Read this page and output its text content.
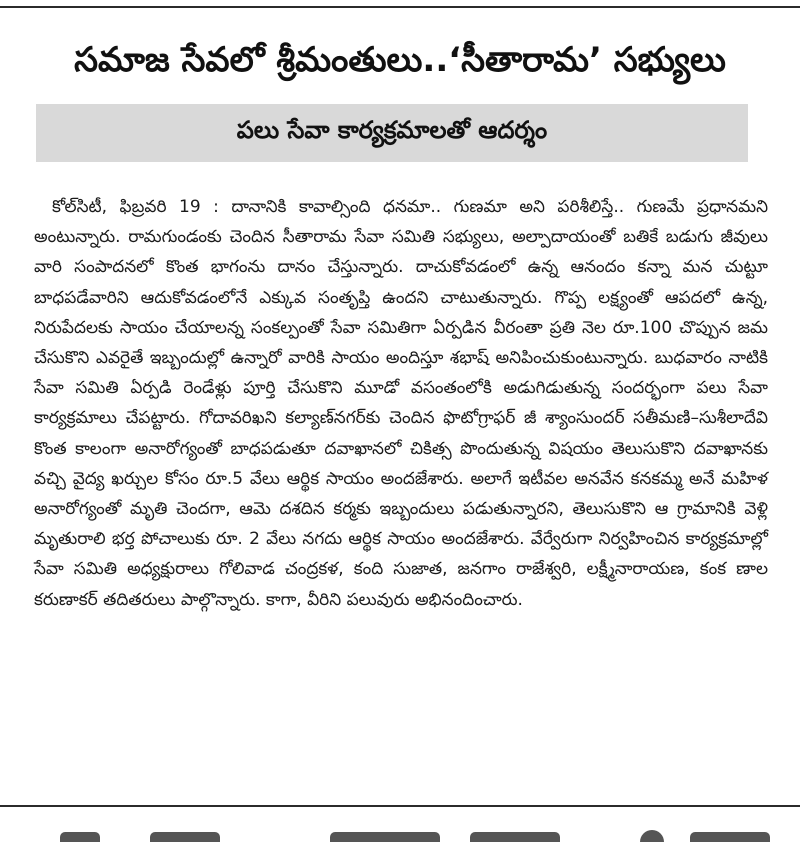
సమాజ సేవలో శ్రీమంతులు..‘సీతారామ’ సభ్యులు
పలు సేవా కార్యక్రమాలతో ఆదర్శం

కోల్‌సిటీ, ఫిబ్రవరి 19 : దానానికి కావాల్సింది ధనమా.. గుణమా అని పరిశీలిస్తే.. గుణమే ప్రధానమని అంటున్నారు. రామగుండంకు చెందిన సీతారామ సేవా సమితి సభ్యులు, అల్పాదాయంతో బతికే బడుగు జీవులు వారి సంపాదనలో కొంత భాగంను దానం చేస్తున్నారు. దాచుకోవడంలో ఉన్న ఆనందం కన్నా మన చుట్టూ బాధపడేవారిని ఆదుకోవడంలోనే ఎక్కువ సంతృప్తి ఉందని చాటుతున్నారు. గొప్ప లక్ష్యంతో ఆపదలో ఉన్న, నిరుపేదలకు సాయం చేయాలన్న సంకల్పంతో సేవా సమితిగా ఏర్పడిన వీరంతా ప్రతి నెల రూ.100 చొప్పున జమ చేసుకొని ఎవరైతే ఇబ్బందుల్లో ఉన్నారో వారికి సాయం అందిస్తూ శభాష్ అనిపించుకుంటున్నారు. బుధవారం నాటికి సేవా సమితి ఏర్పడి రెండేళ్లు పూర్తి చేసుకొని మూడో వసంతంలోకి అడుగిడుతున్న సందర్భంగా పలు సేవా కార్యక్రమాలు చేపట్టారు. గోదావరిఖని కల్యాణ్‌నగర్‌కు చెందిన ఫొటోగ్రాఫర్ జీ శ్యాంసుందర్ సతీమణి–సుశీలాదేవి కొంత కాలంగా అనారోగ్యంతో బాధపడుతూ దవాఖానలో చికిత్స పొందుతున్న విషయం తెలుసుకొని దవాఖానకు వచ్చి వైద్య ఖర్చుల కోసం రూ.5 వేలు ఆర్థిక సాయం అందజేశారు. అలాగే ఇటీవల అనవేన కనకమ్మ అనే మహిళ అనారోగ్యంతో మృతి చెందగా, ఆమె దశదిన కర్మకు ఇబ్బందులు పడుతున్నారని, తెలుసుకొని ఆ గ్రామానికి వెళ్లి మృతురాలి భర్త పోచాలుకు రూ. 2 వేలు నగదు ఆర్థిక సాయం అందజేశారు. వేర్వేరుగా నిర్వహించిన కార్యక్రమాల్లో సేవా సమితి అధ్యక్షురాలు గోలివాడ చంద్రకళ, కంది సుజాత, జనగాం రాజేశ్వరి, లక్ష్మీనారాయణ, కంక ణాల కరుణాకర్ తదితరులు పాల్గొన్నారు. కాగా, వీరిని పలువురు అభినందించారు.
